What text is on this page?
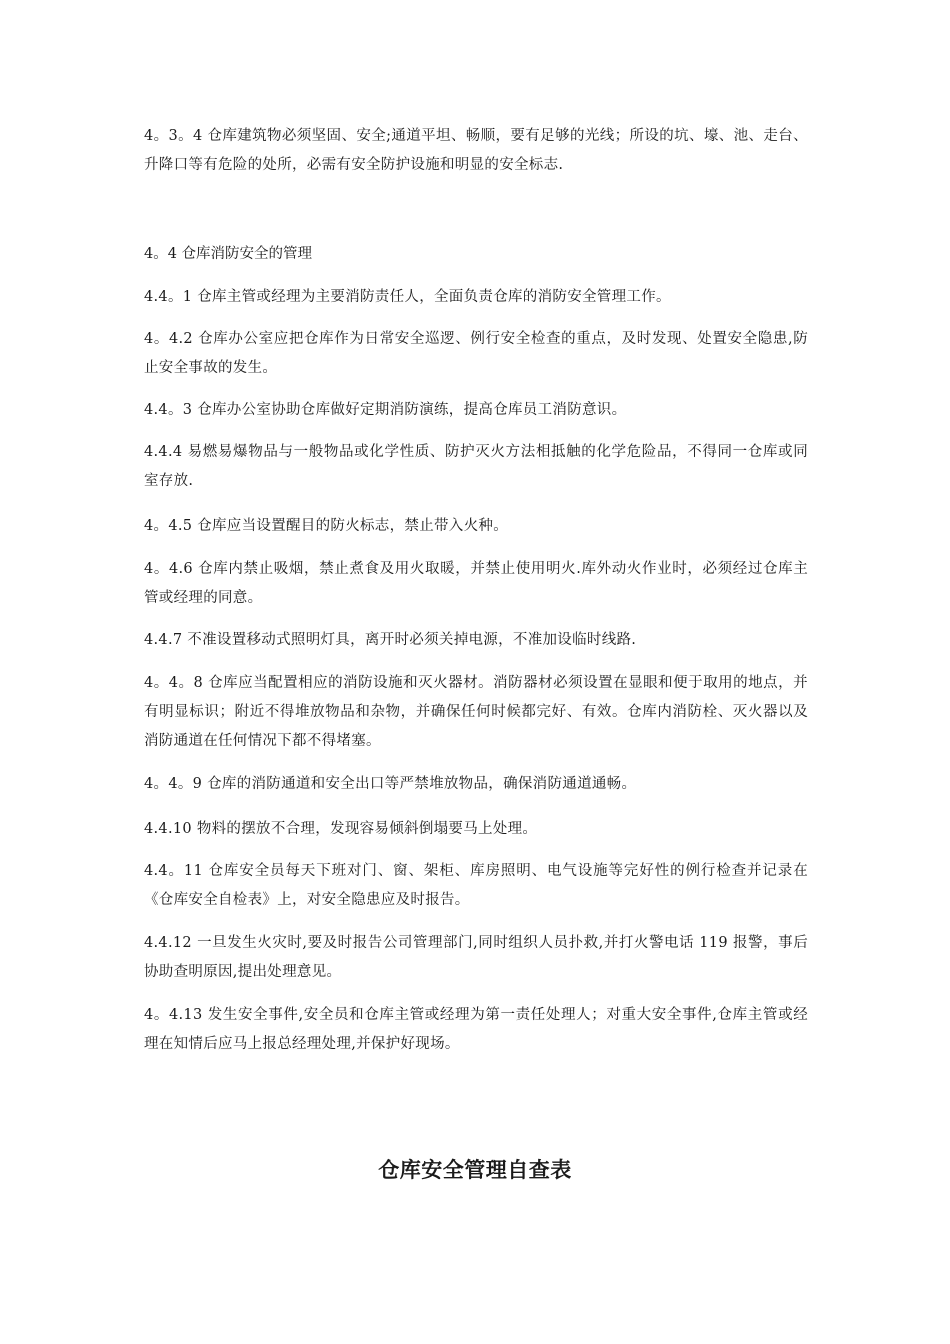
4。3。4 仓库建筑物必须坚固、安全;通道平坦、畅顺，要有足够的光线；所设的坑、壕、池、走台、升降口等有危险的处所，必需有安全防护设施和明显的安全标志.

4。4 仓库消防安全的管理

4.4。1 仓库主管或经理为主要消防责任人，全面负责仓库的消防安全管理工作。

4。4.2 仓库办公室应把仓库作为日常安全巡逻、例行安全检查的重点，及时发现、处置安全隐患,防止安全事故的发生。

4.4。3 仓库办公室协助仓库做好定期消防演练，提高仓库员工消防意识。

4.4.4 易燃易爆物品与一般物品或化学性质、防护灭火方法相抵触的化学危险品，不得同一仓库或同室存放.

4。4.5 仓库应当设置醒目的防火标志，禁止带入火种。

4。4.6 仓库内禁止吸烟，禁止煮食及用火取暖，并禁止使用明火.库外动火作业时，必须经过仓库主管或经理的同意。

4.4.7 不准设置移动式照明灯具，离开时必须关掉电源，不准加设临时线路.

4。4。8 仓库应当配置相应的消防设施和灭火器材。消防器材必须设置在显眼和便于取用的地点，并有明显标识；附近不得堆放物品和杂物，并确保任何时候都完好、有效。仓库内消防栓、灭火器以及消防通道在任何情况下都不得堵塞。

4。4。9 仓库的消防通道和安全出口等严禁堆放物品，确保消防通道通畅。

4.4.10 物料的摆放不合理，发现容易倾斜倒塌要马上处理。

4.4。11 仓库安全员每天下班对门、窗、架柜、库房照明、电气设施等完好性的例行检查并记录在《仓库安全自检表》上，对安全隐患应及时报告。

4.4.12 一旦发生火灾时,要及时报告公司管理部门,同时组织人员扑救,并打火警电话 119 报警，事后协助查明原因,提出处理意见。

4。4.13 发生安全事件,安全员和仓库主管或经理为第一责任处理人；对重大安全事件,仓库主管或经理在知情后应马上报总经理处理,并保护好现场。

仓库安全管理自查表
